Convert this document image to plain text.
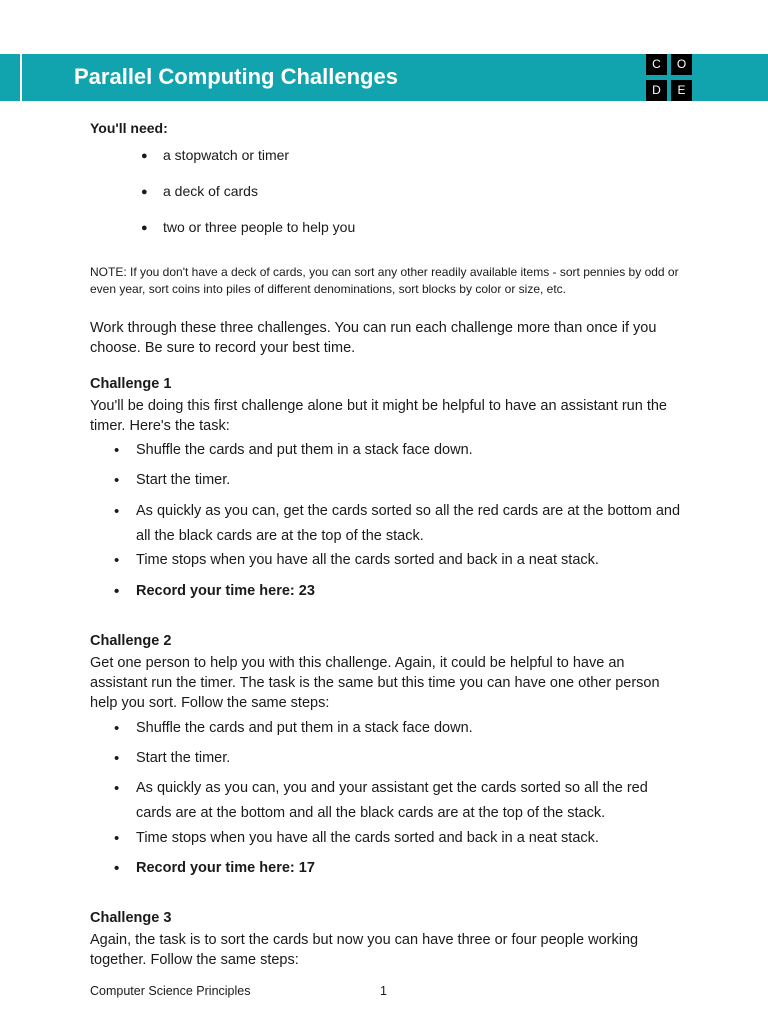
Parallel Computing Challenges	C	O
D	E
You'll need:
● a stopwatch or timer
● a deck of cards
● two or three people to help you
NOTE: If you don't have a deck of cards, you can sort any other readily available items - sort pennies by odd or even year, sort coins into piles of different denominations, sort blocks by color or size, etc.
Work through these three challenges. You can run each challenge more than once if you choose. Be sure to record your best time.
Challenge 1
You'll be doing this first challenge alone but it might be helpful to have an assistant run the timer. Here's the task:
• Shuffle the cards and put them in a stack face down.
• Start the timer.
• As quickly as you can, get the cards sorted so all the red cards are at the bottom and all the black cards are at the top of the stack.
• Time stops when you have all the cards sorted and back in a neat stack.
• Record your time here: 23
Challenge 2
Get one person to help you with this challenge. Again, it could be helpful to have an assistant run the timer. The task is the same but this time you can have one other person help you sort. Follow the same steps:
• Shuffle the cards and put them in a stack face down.
• Start the timer.
• As quickly as you can, you and your assistant get the cards sorted so all the red cards are at the bottom and all the black cards are at the top of the stack.
• Time stops when you have all the cards sorted and back in a neat stack.
• Record your time here: 17
Challenge 3
Again, the task is to sort the cards but now you can have three or four people working together. Follow the same steps:
Computer Science Principles	1
